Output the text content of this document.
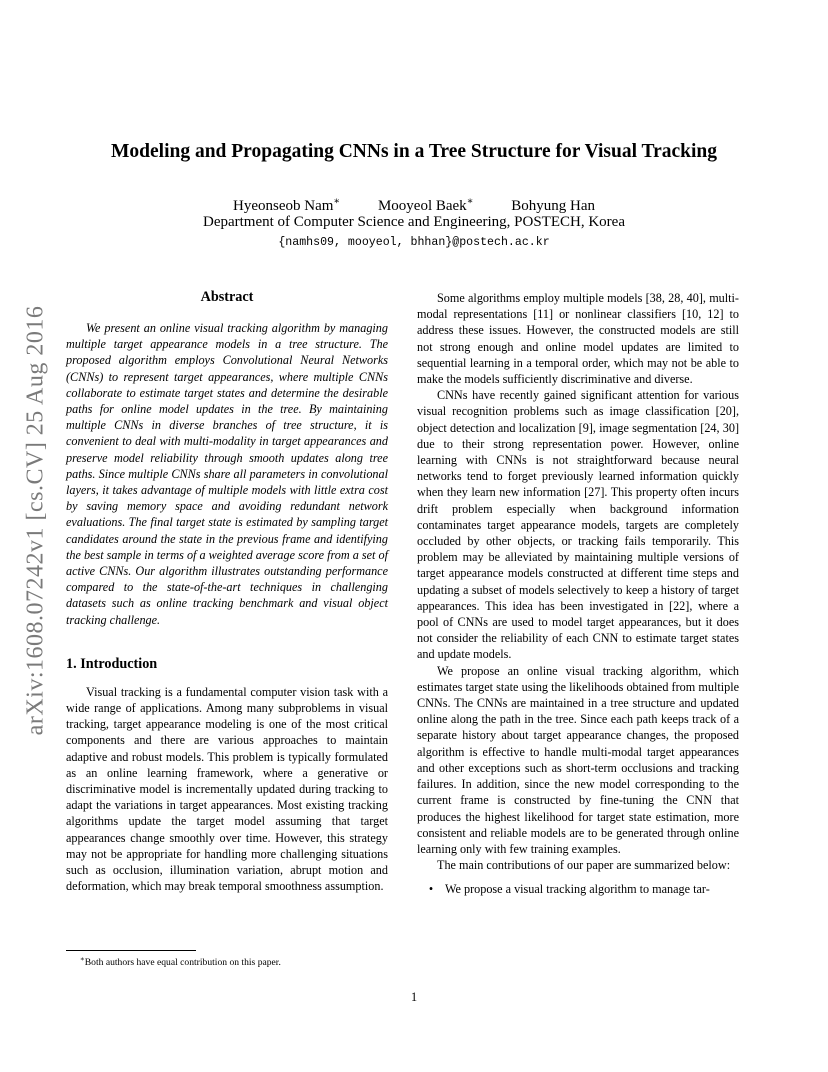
arXiv:1608.07242v1 [cs.CV] 25 Aug 2016
Modeling and Propagating CNNs in a Tree Structure for Visual Tracking
Hyeonseob Nam∗	Mooyeol Baek∗	Bohyung Han
Department of Computer Science and Engineering, POSTECH, Korea
{namhs09, mooyeol, bhhan}@postech.ac.kr
Abstract

We present an online visual tracking algorithm by managing multiple target appearance models in a tree structure. The proposed algorithm employs Convolutional Neural Networks (CNNs) to represent target appearances, where multiple CNNs collaborate to estimate target states and determine the desirable paths for online model updates in the tree. By maintaining multiple CNNs in diverse branches of tree structure, it is convenient to deal with multi-modality in target appearances and preserve model reliability through smooth updates along tree paths. Since multiple CNNs share all parameters in convolutional layers, it takes advantage of multiple models with little extra cost by saving memory space and avoiding redundant network evaluations. The final target state is estimated by sampling target candidates around the state in the previous frame and identifying the best sample in terms of a weighted average score from a set of active CNNs. Our algorithm illustrates outstanding performance compared to the state-of-the-art techniques in challenging datasets such as online tracking benchmark and visual object tracking challenge.

1. Introduction

Visual tracking is a fundamental computer vision task with a wide range of applications. Among many subproblems in visual tracking, target appearance modeling is one of the most critical components and there are various approaches to maintain adaptive and robust models. This problem is typically formulated as an online learning framework, where a generative or discriminative model is incrementally updated during tracking to adapt the variations in target appearances. Most existing tracking algorithms update the target model assuming that target appearances change smoothly over time. However, this strategy may not be appropriate for handling more challenging situations such as occlusion, illumination variation, abrupt motion and deformation, which may break temporal smoothness assumption.

∗Both authors have equal contribution on this paper.

Some algorithms employ multiple models [38, 28, 40], multi-modal representations [11] or nonlinear classifiers [10, 12] to address these issues. However, the constructed models are still not strong enough and online model updates are limited to sequential learning in a temporal order, which may not be able to make the models sufficiently discriminative and diverse.

CNNs have recently gained significant attention for various visual recognition problems such as image classification [20], object detection and localization [9], image segmentation [24, 30] due to their strong representation power. However, online learning with CNNs is not straightforward because neural networks tend to forget previously learned information quickly when they learn new information [27]. This property often incurs drift problem especially when background information contaminates target appearance models, targets are completely occluded by other objects, or tracking fails temporarily. This problem may be alleviated by maintaining multiple versions of target appearance models constructed at different time steps and updating a subset of models selectively to keep a history of target appearances. This idea has been investigated in [22], where a pool of CNNs are used to model target appearances, but it does not consider the reliability of each CNN to estimate target states and update models.

We propose an online visual tracking algorithm, which estimates target state using the likelihoods obtained from multiple CNNs. The CNNs are maintained in a tree structure and updated online along the path in the tree. Since each path keeps track of a separate history about target appearance changes, the proposed algorithm is effective to handle multi-modal target appearances and other exceptions such as short-term occlusions and tracking failures. In addition, since the new model corresponding to the current frame is constructed by fine-tuning the CNN that produces the highest likelihood for target state estimation, more consistent and reliable models are to be generated through online learning only with few training examples.

The main contributions of our paper are summarized below:

• We propose a visual tracking algorithm to manage tar-
1
